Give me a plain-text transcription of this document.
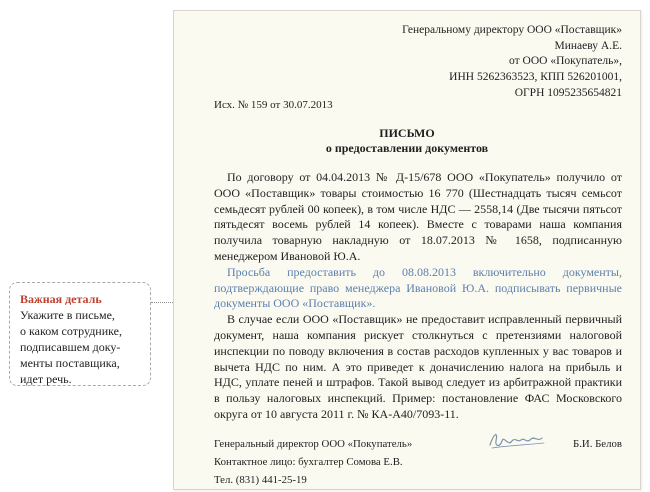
Важная деталь
Укажите в письме,
о каком сотруднике,
подписавшем доку-
менты поставщика,
идет речь.
Генеральному директору ООО «Поставщик»
Минаеву А.Е.
от ООО «Покупатель»,
ИНН 5262363523, КПП 526201001,
ОГРН 1095235654821
Исх. № 159 от 30.07.2013
ПИСЬМО
о предоставлении документов

По договору от 04.04.2013 № Д-15/678 ООО «Покупатель» получило от ООО «Поставщик» товары стоимостью 16 770 (Шестнадцать тысяч семьсот семьдесят рублей 00 копеек), в том числе НДС — 2558,14 (Две тысячи пятьсот пятьдесят восемь рублей 14 копеек). Вместе с товарами наша компания получила товарную накладную от 18.07.2013 № 1658, подписанную менеджером Ивановой Ю.А.

Просьба предоставить до 08.08.2013 включительно документы, подтверждающие право менеджера Ивановой Ю.А. подписывать первичные документы ООО «Поставщик».

В случае если ООО «Поставщик» не предоставит исправленный первичный документ, наша компания рискует столкнуться с претензиями налоговой инспекции по поводу включения в состав расходов купленных у вас товаров и вычета НДС по ним. А это приведет к доначислению налога на прибыль и НДС, уплате пеней и штрафов. Такой вывод следует из арбитражной практики в пользу налоговых инспекций. Пример: постановление ФАС Московского округа от 10 августа 2011 г. № КА-А40/7093-11.

Генеральный директор ООО «Покупатель»
Контактное лицо: бухгалтер Сомова Е.В.
Тел. (831) 441-25-19
Б.И. Белов
